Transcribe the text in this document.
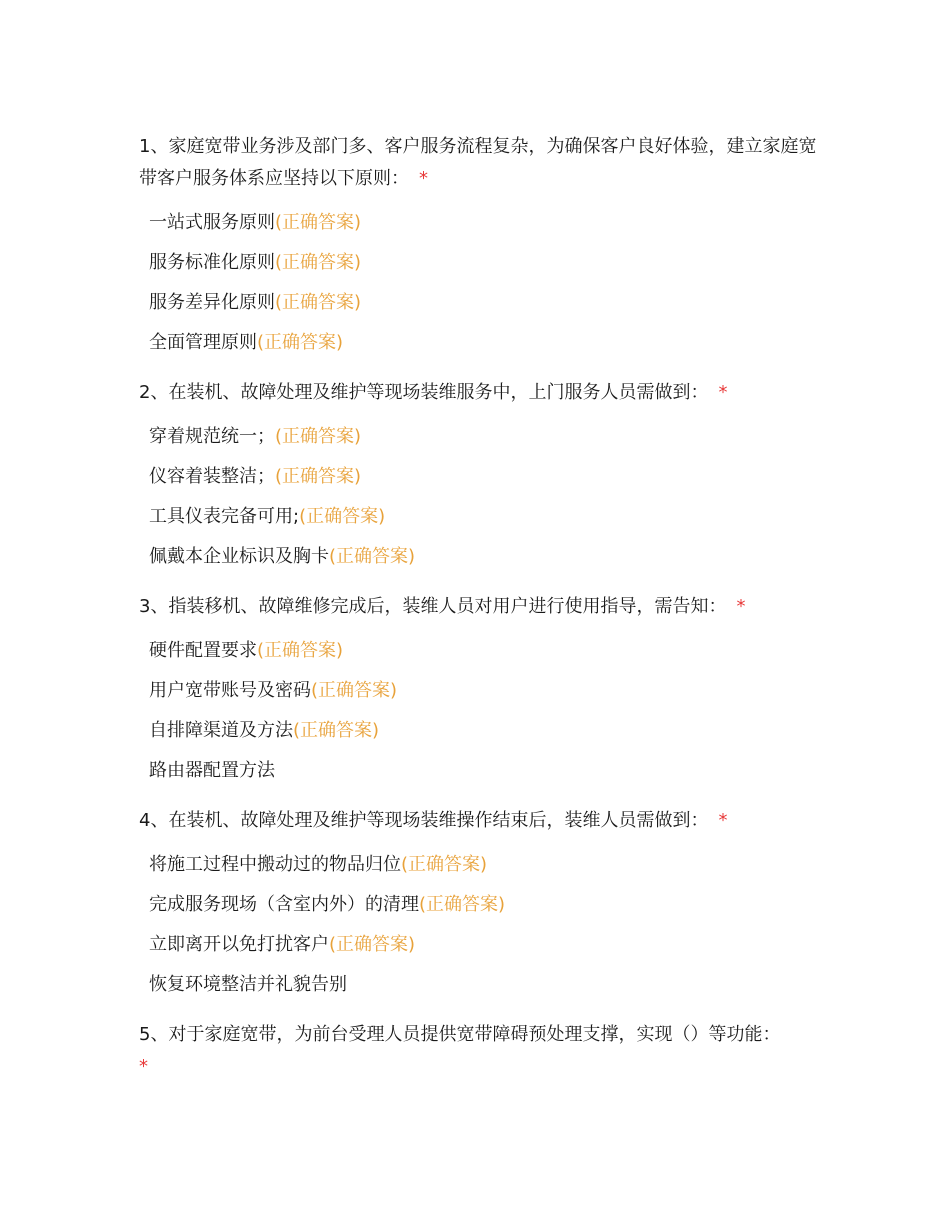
1、家庭宽带业务涉及部门多、客户服务流程复杂，为确保客户良好体验，建立家庭宽带客户服务体系应坚持以下原则： *

一站式服务原则(正确答案)
服务标准化原则(正确答案)
服务差异化原则(正确答案)
全面管理原则(正确答案)

2、在装机、故障处理及维护等现场装维服务中，上门服务人员需做到： *

穿着规范统一；(正确答案)
仪容着装整洁；(正确答案)
工具仪表完备可用;(正确答案)
佩戴本企业标识及胸卡(正确答案)

3、指装移机、故障维修完成后，装维人员对用户进行使用指导，需告知： *

硬件配置要求(正确答案)
用户宽带账号及密码(正确答案)
自排障渠道及方法(正确答案)
路由器配置方法

4、在装机、故障处理及维护等现场装维操作结束后，装维人员需做到： *

将施工过程中搬动过的物品归位(正确答案)
完成服务现场（含室内外）的清理(正确答案)
立即离开以免打扰客户(正确答案)
恢复环境整洁并礼貌告别

5、对于家庭宽带，为前台受理人员提供宽带障碍预处理支撑，实现（）等功能：
*
